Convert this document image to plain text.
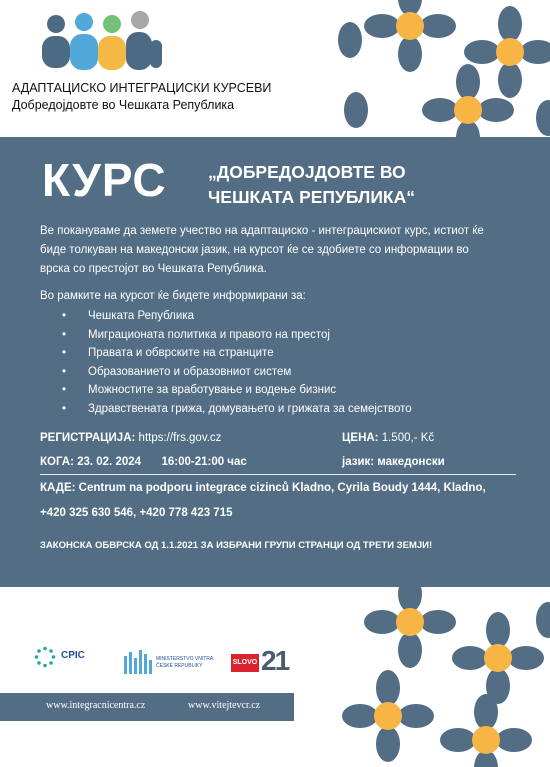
АДАПТАЦИСКО ИНТЕГРАЦИСКИ КУРСЕВИ
Добредојдовте во Чешката Република
КУРС „ДОБРЕДОЈДОВТЕ ВО
ЧЕШКАТА РЕПУБЛИКА“
Ве покануваме да земете учество на адаптациско - интеграцискиот курс, истиот ќе
биде толкуван на македонски јазик, на курсот ќе се здобиете со информации во
врска со престојот во Чешката Република.
Во рамките на курсот ќе бидете информирани за:
• Чешката Република
• Миграционата политика и правото на престој
• Правата и обврските на странците
• Образованието и образовниот систем
• Можностите за вработување и водење бизнис
• Здравствената грижа, домувањето и грижата за семејството
РЕГИСТРАЦИЈА: https://frs.gov.cz	ЦЕНА: 1.500,- Kč
КОГА: 23. 02. 2024 16:00-21:00 час	јазик: македонски
КАДЕ: Centrum na podporu integrace cizinců Kladno, Cyrila Boudy 1444, Kladno,
+420 325 630 546, +420 778 423 715
ЗАКОНСКА ОБВРСКА ОД 1.1.2021 ЗА ИЗБРАНИ ГРУПИ СТРАНЦИ ОД ТРЕТИ ЗЕМЈИ!
CPIC	MINISTERSTVO VNITRA
ČESKÉ REPUBLIKY	SLOVO 21
www.integracnicentra.cz	www.vitejtevcr.cz
